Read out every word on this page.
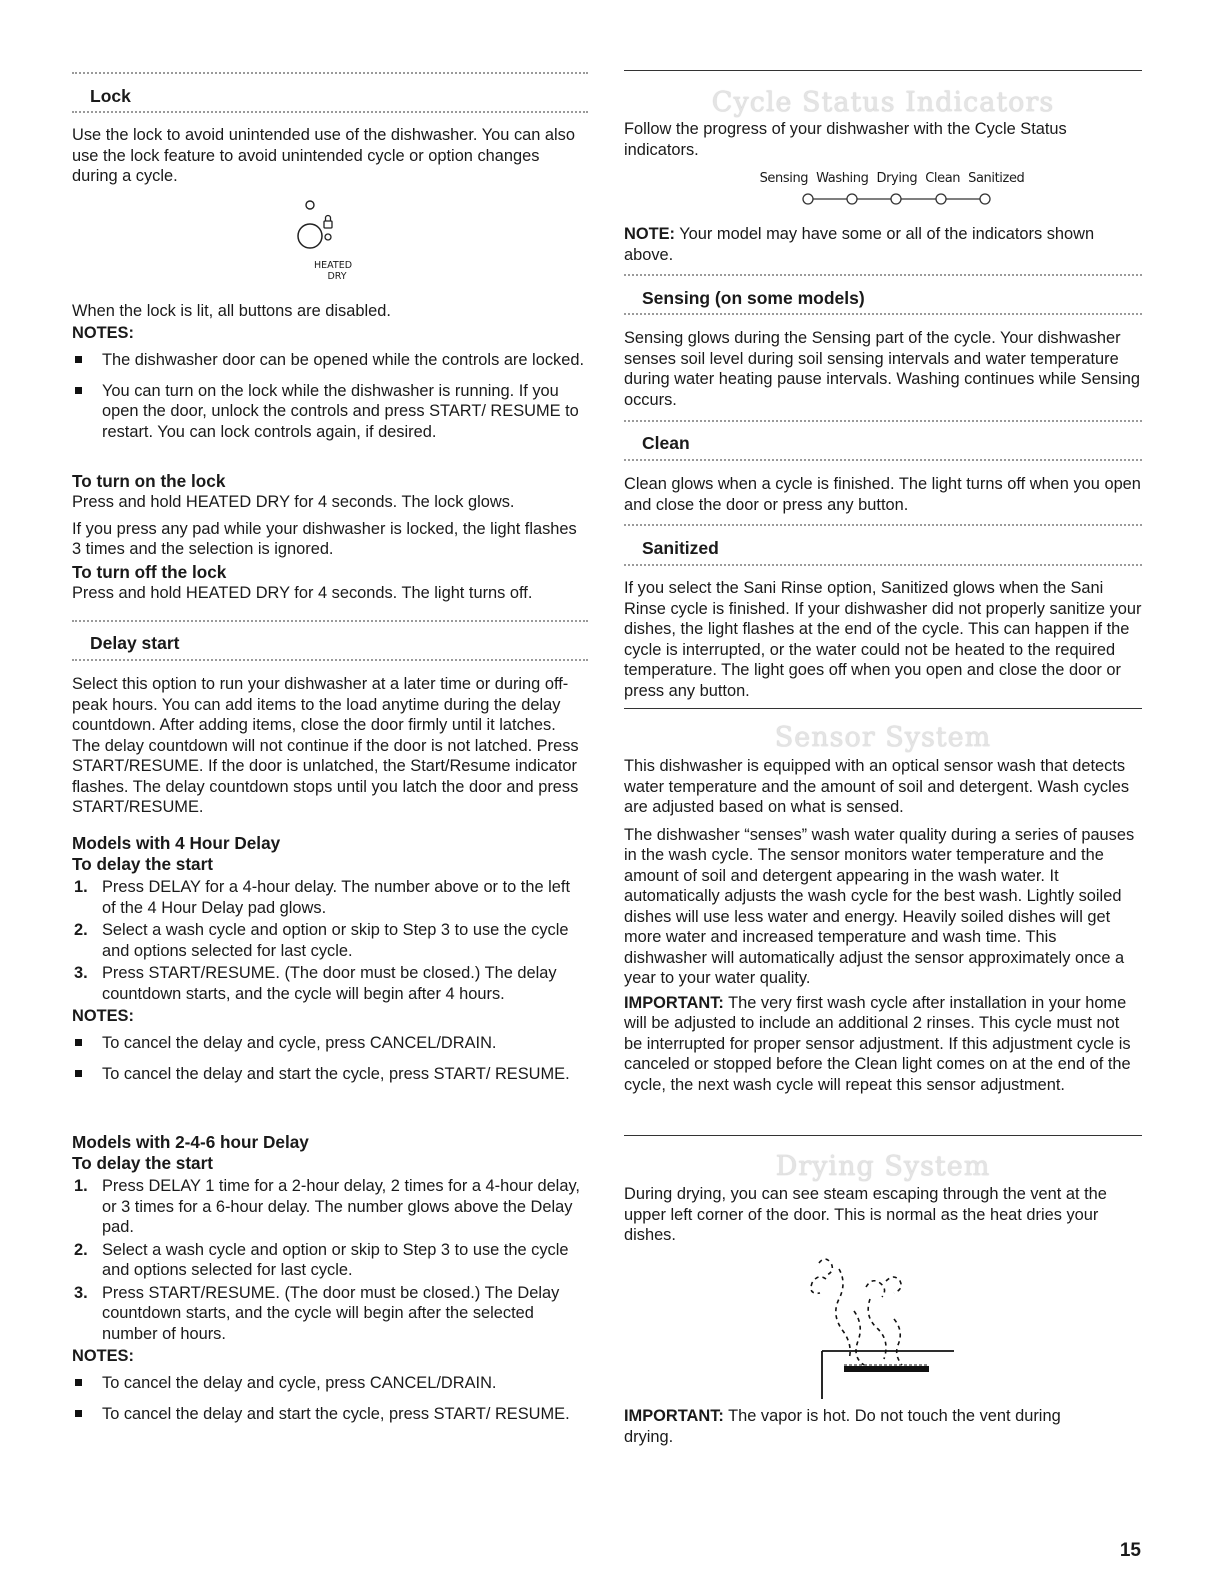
Lock

Use the lock to avoid unintended use of the dishwasher. You can also use the lock feature to avoid unintended cycle or option changes during a cycle.

HEATED
DRY

When the lock is lit, all buttons are disabled.

NOTES:

The dishwasher door can be opened while the controls are locked.
You can turn on the lock while the dishwasher is running. If you open the door, unlock the controls and press START/ RESUME to restart. You can lock controls again, if desired.

To turn on the lock

Press and hold HEATED DRY for 4 seconds. The lock glows.

If you press any pad while your dishwasher is locked, the light flashes 3 times and the selection is ignored.

To turn off the lock

Press and hold HEATED DRY for 4 seconds. The light turns off.

Delay start

Select this option to run your dishwasher at a later time or during off-peak hours. You can add items to the load anytime during the delay countdown. After adding items, close the door firmly until it latches. The delay countdown will not continue if the door is not latched. Press START/RESUME. If the door is unlatched, the Start/Resume indicator flashes. The delay countdown stops until you latch the door and press START/RESUME.

Models with 4 Hour Delay

To delay the start

1. Press DELAY for a 4-hour delay. The number above or to the left of the 4 Hour Delay pad glows.
2. Select a wash cycle and option or skip to Step 3 to use the cycle and options selected for last cycle.
3. Press START/RESUME. (The door must be closed.) The delay countdown starts, and the cycle will begin after 4 hours.

NOTES:

To cancel the delay and cycle, press CANCEL/DRAIN.
To cancel the delay and start the cycle, press START/ RESUME.

Models with 2-4-6 hour Delay

To delay the start

1. Press DELAY 1 time for a 2-hour delay, 2 times for a 4-hour delay, or 3 times for a 6-hour delay. The number glows above the Delay pad.
2. Select a wash cycle and option or skip to Step 3 to use the cycle and options selected for last cycle.
3. Press START/RESUME. (The door must be closed.) The Delay countdown starts, and the cycle will begin after the selected number of hours.

NOTES:

To cancel the delay and cycle, press CANCEL/DRAIN.
To cancel the delay and start the cycle, press START/ RESUME.
Cycle Status Indicators

Follow the progress of your dishwasher with the Cycle Status indicators.

Sensing Washing Drying Clean Sanitized

NOTE: Your model may have some or all of the indicators shown above.

Sensing (on some models)

Sensing glows during the Sensing part of the cycle. Your dishwasher senses soil level during soil sensing intervals and water temperature during water heating pause intervals. Washing continues while Sensing occurs.

Clean

Clean glows when a cycle is finished. The light turns off when you open and close the door or press any button.

Sanitized

If you select the Sani Rinse option, Sanitized glows when the Sani Rinse cycle is finished. If your dishwasher did not properly sanitize your dishes, the light flashes at the end of the cycle. This can happen if the cycle is interrupted, or the water could not be heated to the required temperature. The light goes off when you open and close the door or press any button.

Sensor System

This dishwasher is equipped with an optical sensor wash that detects water temperature and the amount of soil and detergent. Wash cycles are adjusted based on what is sensed.

The dishwasher “senses” wash water quality during a series of pauses in the wash cycle. The sensor monitors water temperature and the amount of soil and detergent appearing in the wash water. It automatically adjusts the wash cycle for the best wash. Lightly soiled dishes will use less water and energy. Heavily soiled dishes will get more water and increased temperature and wash time. This dishwasher will automatically adjust the sensor approximately once a year to your water quality.

IMPORTANT: The very first wash cycle after installation in your home will be adjusted to include an additional 2 rinses. This cycle must not be interrupted for proper sensor adjustment. If this adjustment cycle is canceled or stopped before the Clean light comes on at the end of the cycle, the next wash cycle will repeat this sensor adjustment.

Drying System

During drying, you can see steam escaping through the vent at the upper left corner of the door. This is normal as the heat dries your dishes.

IMPORTANT: The vapor is hot. Do not touch the vent during drying.

15
